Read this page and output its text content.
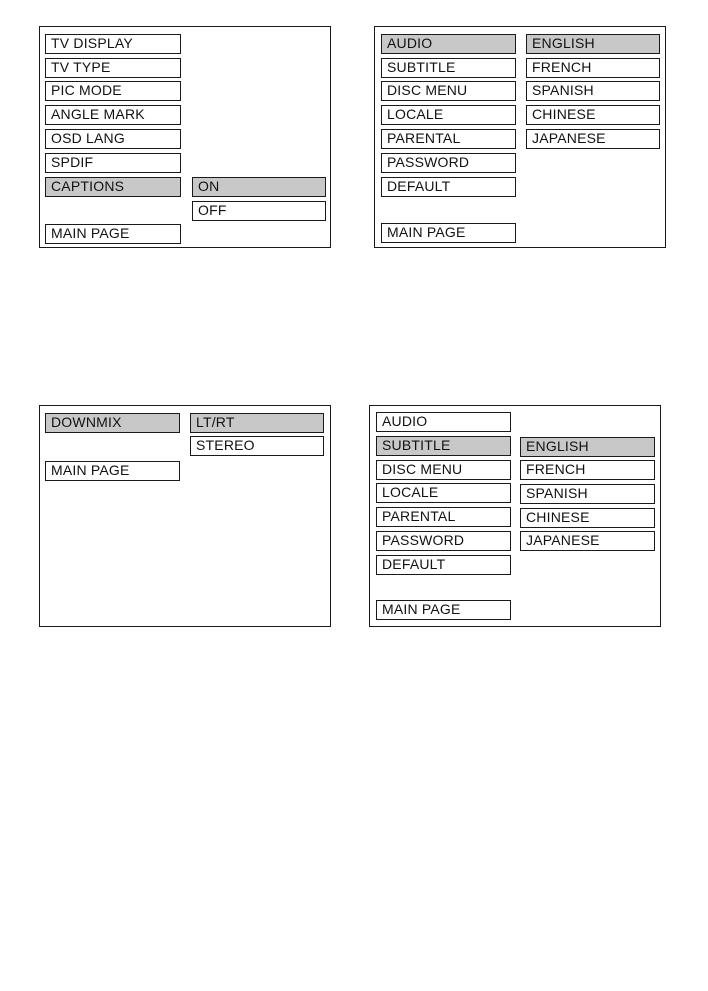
TV DISPLAY
TV TYPE
PIC MODE
ANGLE MARK
OSD LANG
SPDIF
CAPTIONS	ON
OFF
MAIN PAGE
AUDIO
SUBTITLE
DISC MENU
LOCALE
PARENTAL
PASSWORD
DEFAULT
ENGLISH
FRENCH
SPANISH
CHINESE
JAPANESE
MAIN PAGE
DOWNMIX	LT/RT
STEREO
MAIN PAGE
AUDIO
SUBTITLE
DISC MENU
LOCALE
PARENTAL
PASSWORD
DEFAULT
ENGLISH
FRENCH
SPANISH
CHINESE
JAPANESE
MAIN PAGE
